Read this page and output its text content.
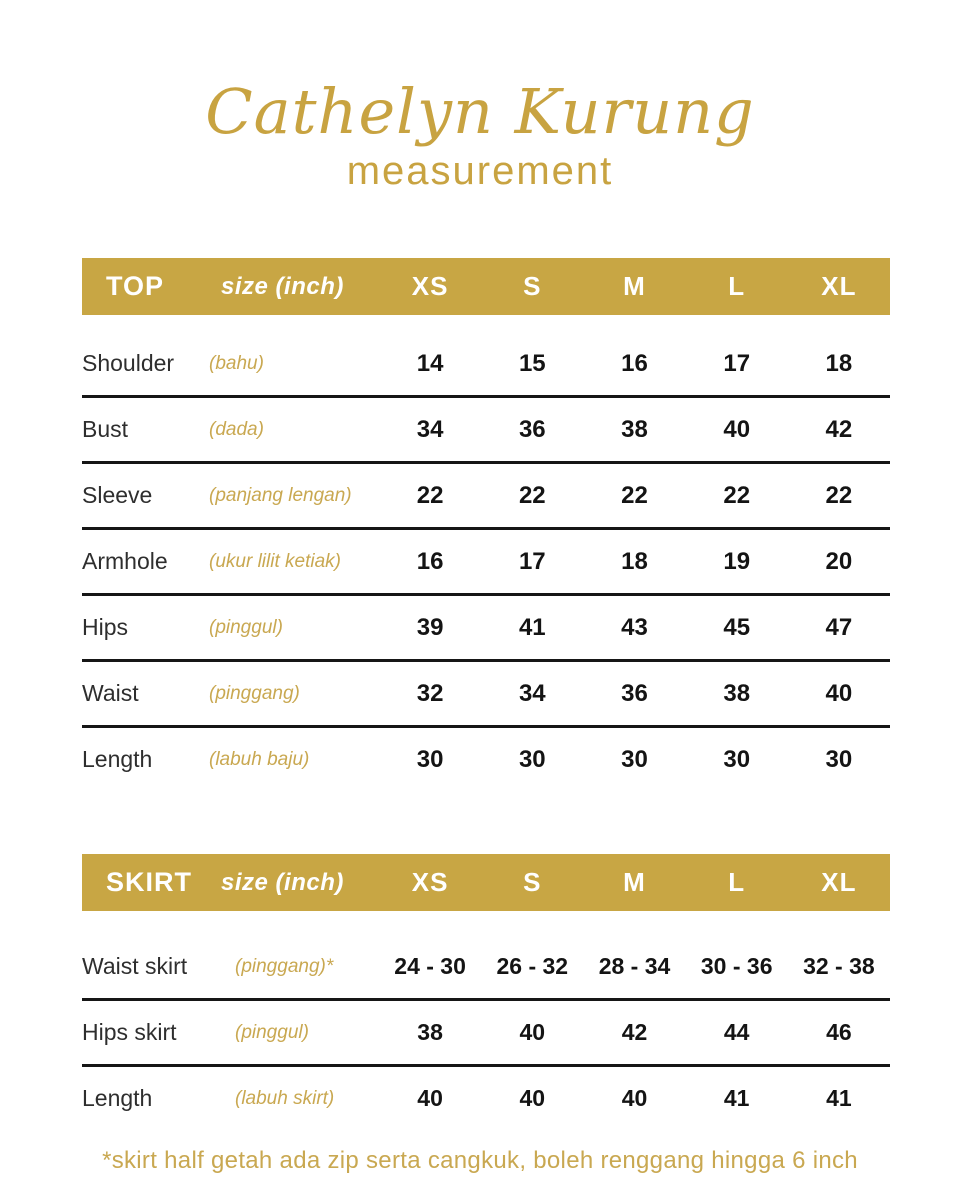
Cathelyn Kurung
measurement
TOP	size (inch)	XS	S	M	L	XL
Shoulder	(bahu)	14	15	16	17	18
Bust	(dada)	34	36	38	40	42
Sleeve	(panjang lengan)	22	22	22	22	22
Armhole	(ukur lilit ketiak)	16	17	18	19	20
Hips	(pinggul)	39	41	43	45	47
Waist	(pinggang)	32	34	36	38	40
Length	(labuh baju)	30	30	30	30	30
SKIRT	size (inch)	XS	S	M	L	XL
Waist skirt	(pinggang)*	24 - 30	26 - 32	28 - 34	30 - 36	32 - 38
Hips skirt	(pinggul)	38	40	42	44	46
Length	(labuh skirt)	40	40	40	41	41
*skirt half getah ada zip serta cangkuk, boleh renggang hingga 6 inch
